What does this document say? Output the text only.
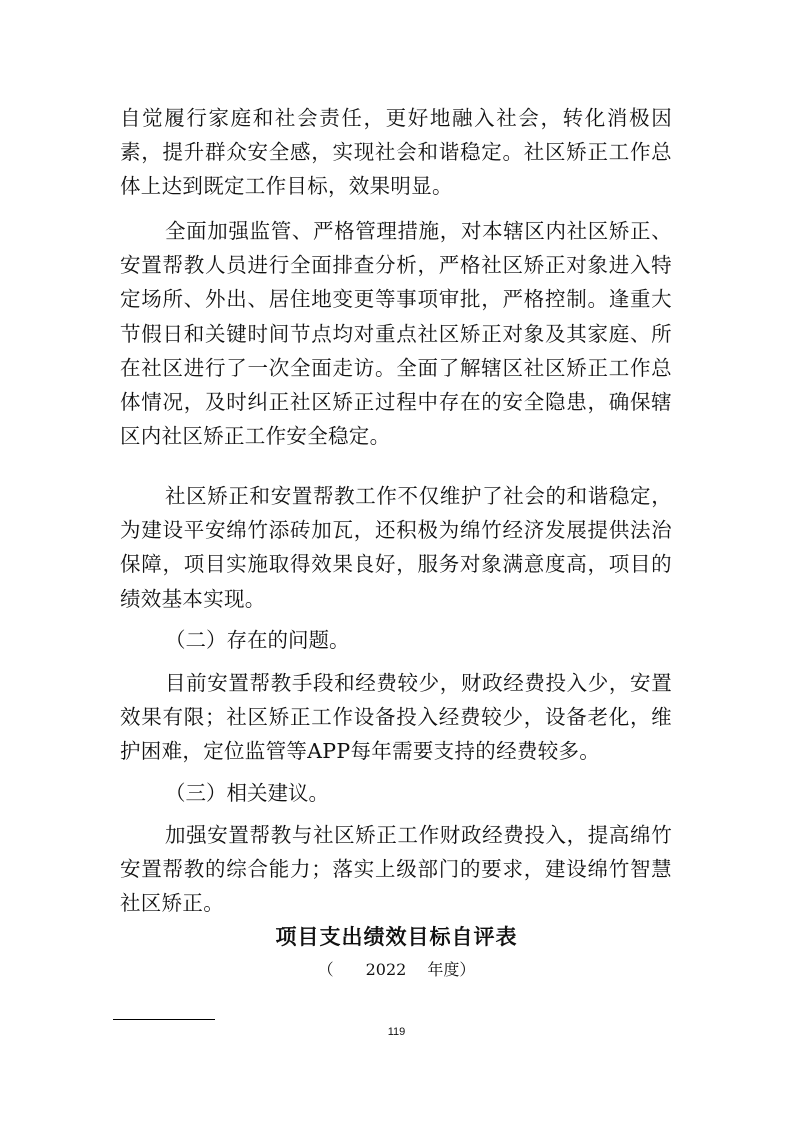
自觉履行家庭和社会责任，更好地融入社会，转化消极因素，提升群众安全感，实现社会和谐稳定。社区矫正工作总体上达到既定工作目标，效果明显。

全面加强监管、严格管理措施，对本辖区内社区矫正、安置帮教人员进行全面排查分析，严格社区矫正对象进入特定场所、外出、居住地变更等事项审批，严格控制。逢重大节假日和关键时间节点均对重点社区矫正对象及其家庭、所在社区进行了一次全面走访。全面了解辖区社区矫正工作总体情况，及时纠正社区矫正过程中存在的安全隐患，确保辖区内社区矫正工作安全稳定。

社区矫正和安置帮教工作不仅维护了社会的和谐稳定，为建设平安绵竹添砖加瓦，还积极为绵竹经济发展提供法治保障，项目实施取得效果良好，服务对象满意度高，项目的绩效基本实现。

（二）存在的问题。

目前安置帮教手段和经费较少，财政经费投入少，安置效果有限；社区矫正工作设备投入经费较少，设备老化，维护困难，定位监管等APP每年需要支持的经费较多。

（三）相关建议。

加强安置帮教与社区矫正工作财政经费投入，提高绵竹安置帮教的综合能力；落实上级部门的要求，建设绵竹智慧社区矫正。

项目支出绩效目标自评表

（　　2022　 年度）

119
